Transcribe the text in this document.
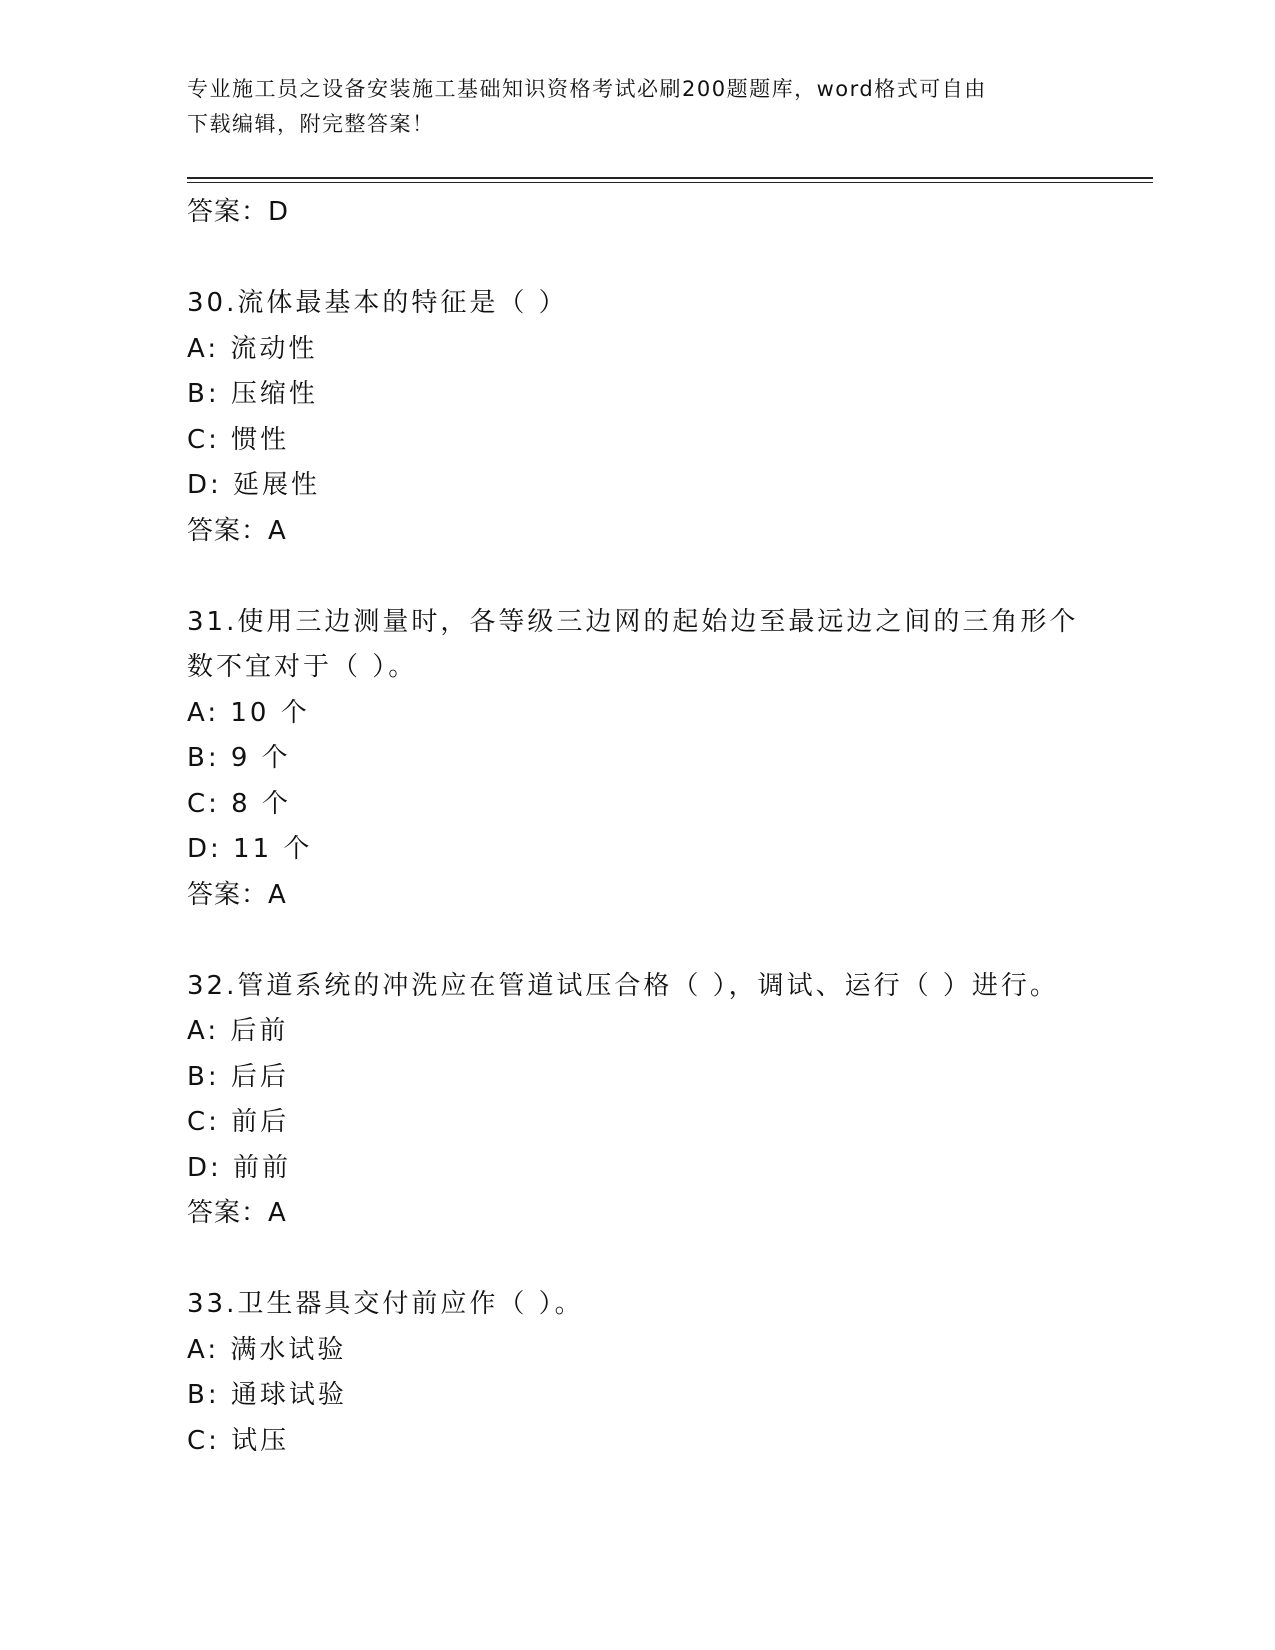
专业施工员之设备安装施工基础知识资格考试必刷200题题库，word格式可自由
下载编辑，附完整答案！
答案：D
30.流体最基本的特征是（ ）
A: 流动性
B: 压缩性
C: 惯性
D: 延展性
答案：A
31.使用三边测量时，各等级三边网的起始边至最远边之间的三角形个
数不宜对于（ ）。
A: 10 个
B: 9 个
C: 8 个
D: 11 个
答案：A
32.管道系统的冲洗应在管道试压合格（ ），调试、运行（ ）进行。
A: 后前
B: 后后
C: 前后
D: 前前
答案：A
33.卫生器具交付前应作（ ）。
A: 满水试验
B: 通球试验
C: 试压
